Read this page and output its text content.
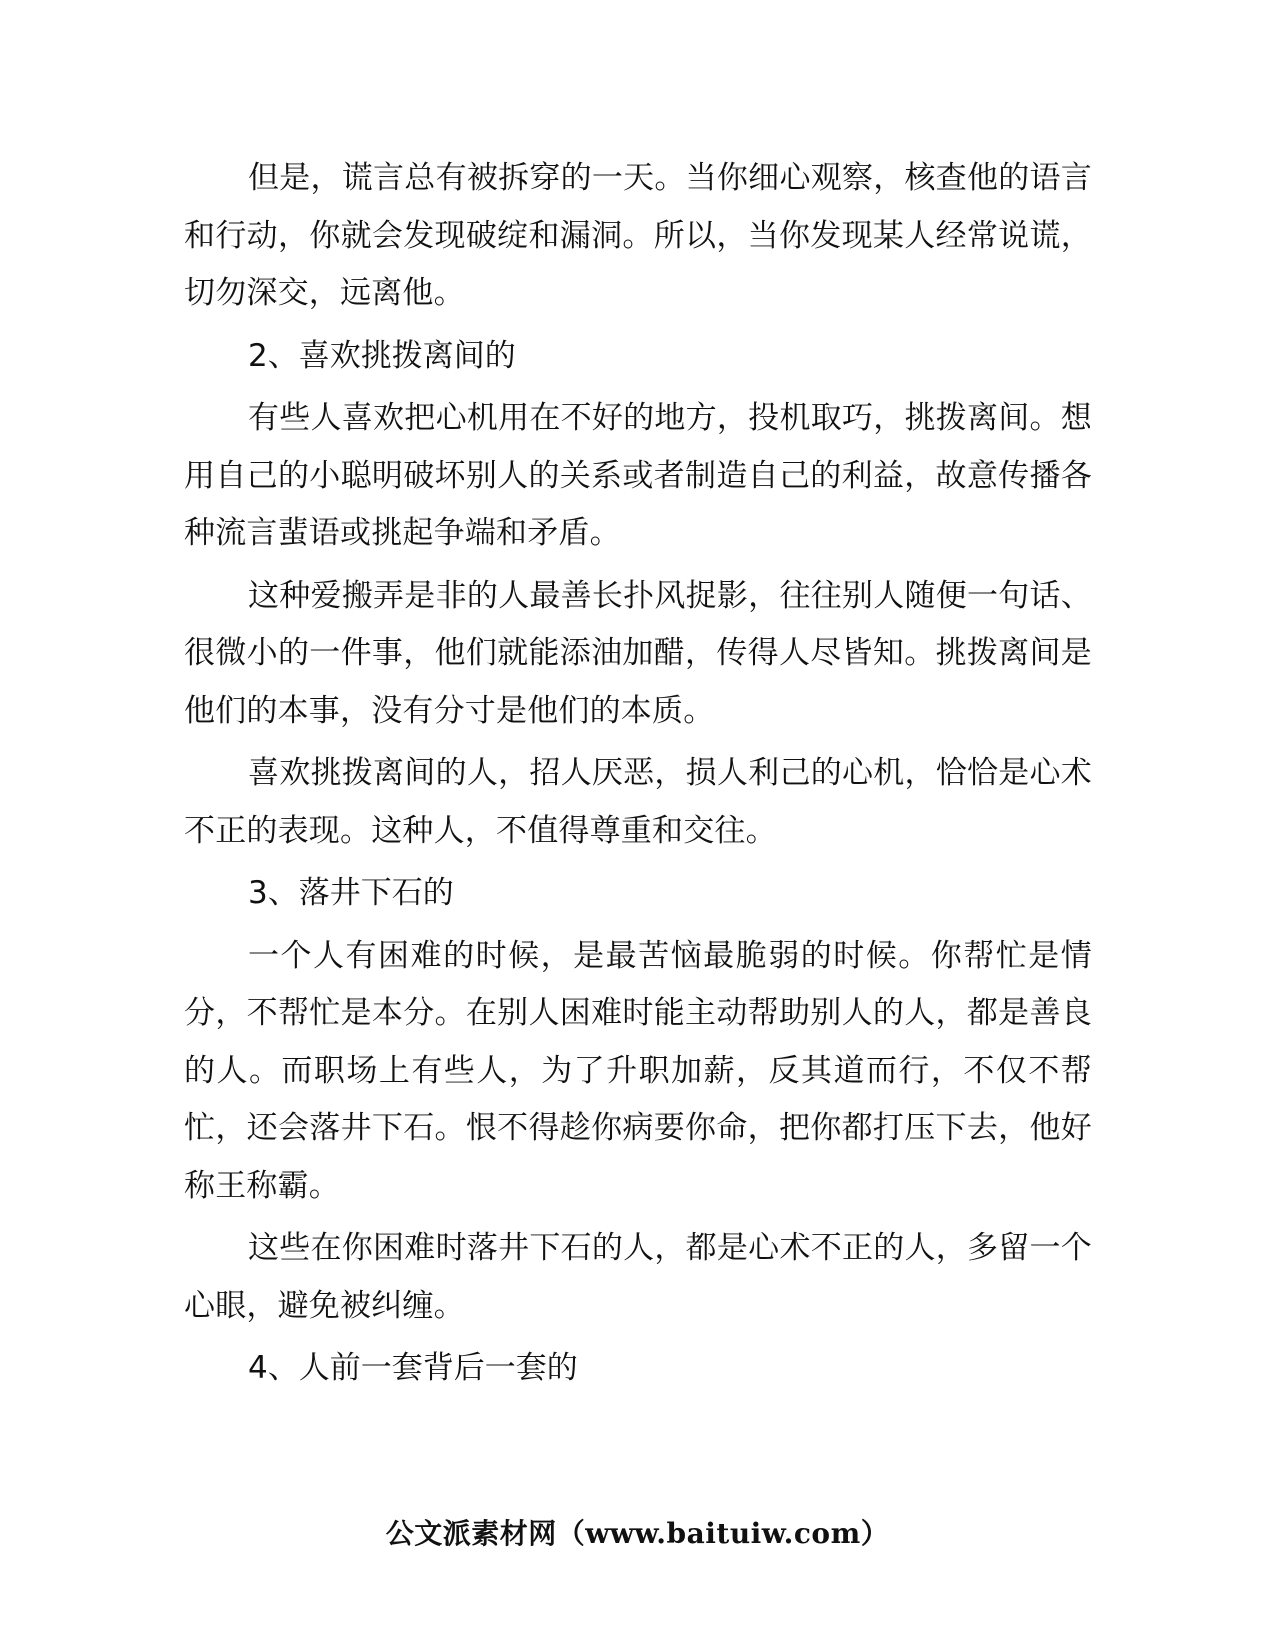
但是，谎言总有被拆穿的一天。当你细心观察，核查他的语言和行动，你就会发现破绽和漏洞。所以，当你发现某人经常说谎，切勿深交，远离他。

2、喜欢挑拨离间的

有些人喜欢把心机用在不好的地方，投机取巧，挑拨离间。想用自己的小聪明破坏别人的关系或者制造自己的利益，故意传播各种流言蜚语或挑起争端和矛盾。

这种爱搬弄是非的人最善长扑风捉影，往往别人随便一句话、很微小的一件事，他们就能添油加醋，传得人尽皆知。挑拨离间是他们的本事，没有分寸是他们的本质。

喜欢挑拨离间的人，招人厌恶，损人利己的心机，恰恰是心术不正的表现。这种人，不值得尊重和交往。

3、落井下石的

一个人有困难的时候，是最苦恼最脆弱的时候。你帮忙是情分，不帮忙是本分。在别人困难时能主动帮助别人的人，都是善良的人。而职场上有些人，为了升职加薪，反其道而行，不仅不帮忙，还会落井下石。恨不得趁你病要你命，把你都打压下去，他好称王称霸。

这些在你困难时落井下石的人，都是心术不正的人，多留一个心眼，避免被纠缠。

4、人前一套背后一套的

公文派素材网（www.baituiw.com）
